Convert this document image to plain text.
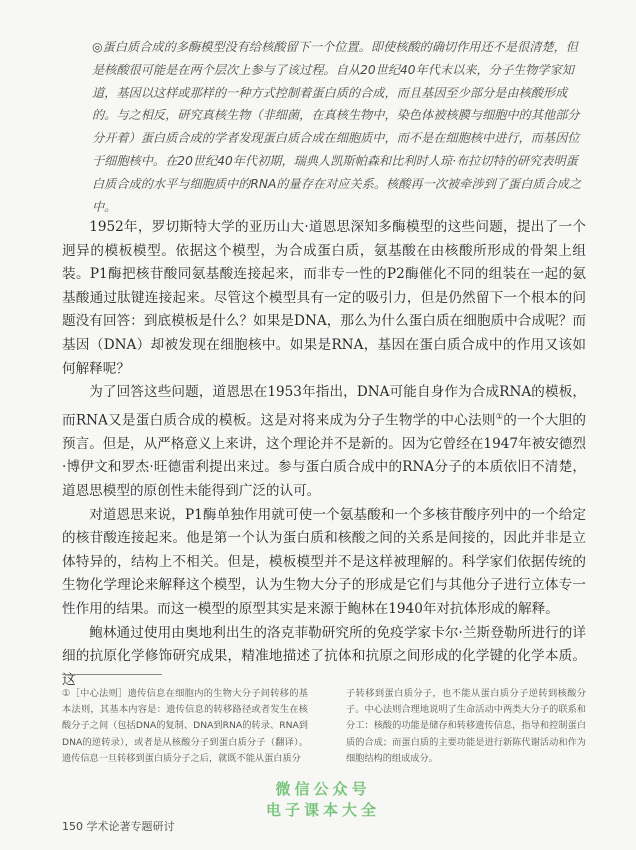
◎蛋白质合成的多酶模型没有给核酸留下一个位置。即使核酸的确切作用还不是很清楚，但是核酸很可能是在两个层次上参与了该过程。自从20世纪40年代末以来，分子生物学家知道，基因以这样或那样的一种方式控制着蛋白质的合成，而且基因至少部分是由核酸形成的。与之相反，研究真核生物（非细菌，在真核生物中，染色体被核膜与细胞中的其他部分分开着）蛋白质合成的学者发现蛋白质合成在细胞质中，而不是在细胞核中进行，而基因位于细胞核中。在20世纪40年代初期，瑞典人凯斯帕森和比利时人琼·布拉切特的研究表明蛋白质合成的水平与细胞质中的RNA的量存在对应关系。核酸再一次被牵涉到了蛋白质合成之中。

1952年，罗切斯特大学的亚历山大·道恩思深知多酶模型的这些问题，提出了一个迥异的模板模型。依据这个模型，为合成蛋白质，氨基酸在由核酸所形成的骨架上组装。P1酶把核苷酸同氨基酸连接起来，而非专一性的P2酶催化不同的组装在一起的氨基酸通过肽键连接起来。尽管这个模型具有一定的吸引力，但是仍然留下一个根本的问题没有回答：到底模板是什么？如果是DNA，那么为什么蛋白质在细胞质中合成呢？而基因（DNA）却被发现在细胞核中。如果是RNA，基因在蛋白质合成中的作用又该如何解释呢？

为了回答这些问题，道恩思在1953年指出，DNA可能自身作为合成RNA的模板，而RNA又是蛋白质合成的模板。这是对将来成为分子生物学的中心法则①的一个大胆的预言。但是，从严格意义上来讲，这个理论并不是新的。因为它曾经在1947年被安德烈·博伊文和罗杰·旺德雷利提出来过。参与蛋白质合成中的RNA分子的本质依旧不清楚，道恩思模型的原创性未能得到广泛的认可。

对道恩思来说，P1酶单独作用就可使一个氨基酸和一个多核苷酸序列中的一个给定的核苷酸连接起来。他是第一个认为蛋白质和核酸之间的关系是间接的，因此并非是立体特异的，结构上不相关。但是，模板模型并不是这样被理解的。科学家们依据传统的生物化学理论来解释这个模型，认为生物大分子的形成是它们与其他分子进行立体专一性作用的结果。而这一模型的原型其实是来源于鲍林在1940年对抗体形成的解释。

鲍林通过使用由奥地利出生的洛克菲勒研究所的免疫学家卡尔·兰斯登勒所进行的详细的抗原化学修饰研究成果，精准地描述了抗体和抗原之间形成的化学键的化学本质。这

①［中心法则］遗传信息在细胞内的生物大分子间转移的基本法则，其基本内容是：遗传信息的转移路径或者发生在核酸分子之间（包括DNA的复制、DNA到RNA的转录、RNA到DNA的逆转录），或者是从核酸分子到蛋白质分子（翻译）。遗传信息一旦转移到蛋白质分子之后，就既不能从蛋白质分
子转移到蛋白质分子，也不能从蛋白质分子逆转到核酸分子。中心法则合理地说明了生命活动中两类大分子的联系和分工：核酸的功能是储存和转移遗传信息，指导和控制蛋白质的合成；而蛋白质的主要功能是进行新陈代谢活动和作为细胞结构的组成成分。
微信公众号
电子课本大全
150 学术论著专题研讨
